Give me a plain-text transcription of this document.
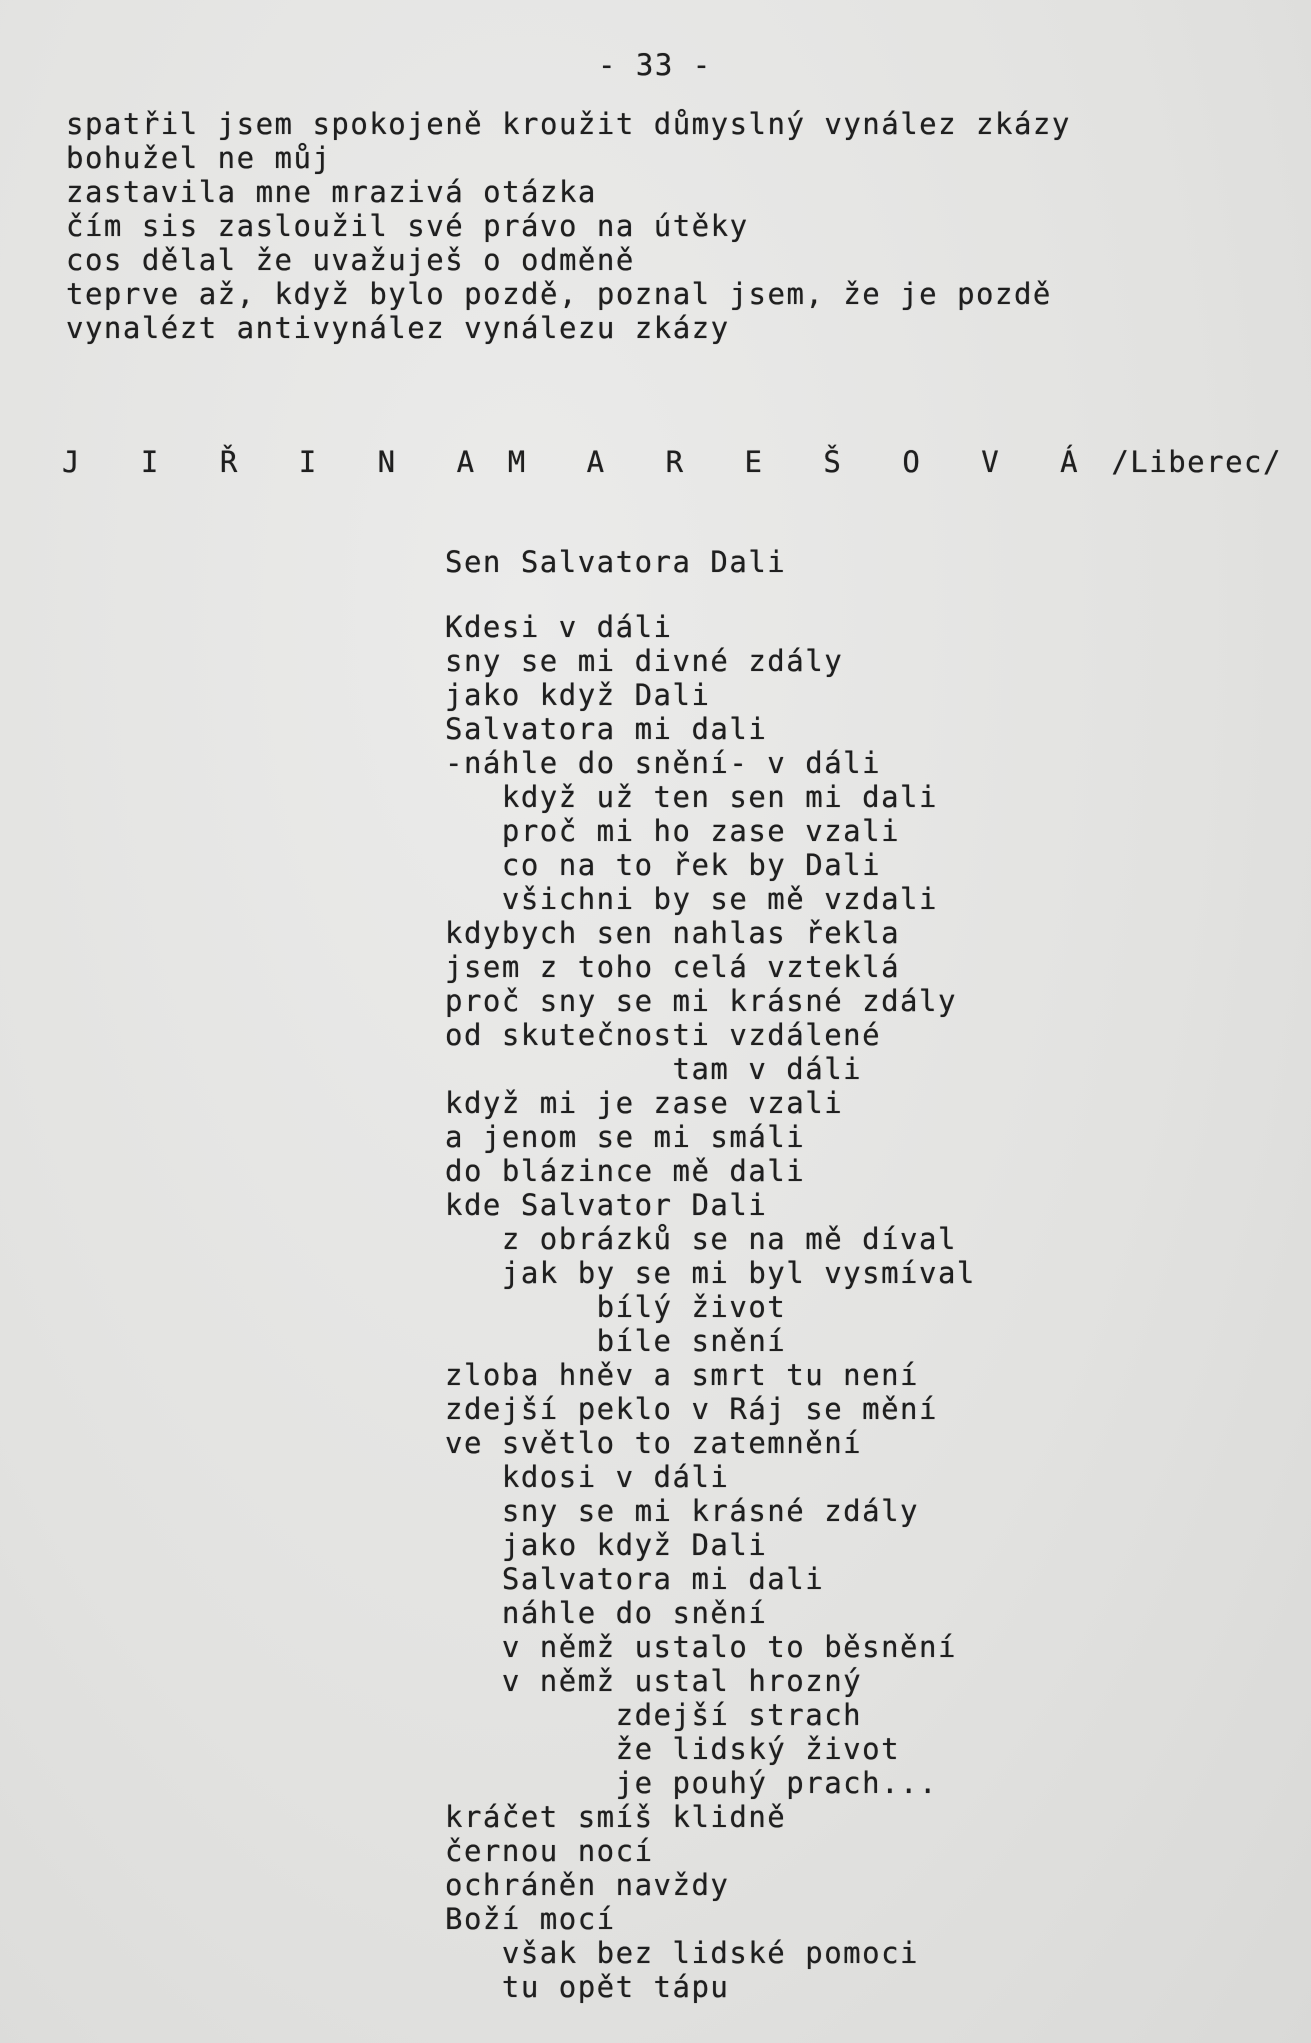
- 33 -

spatřil jsem spokojeně kroužit důmyslný vynález zkázy
bohužel ne můj
zastavila mne mrazivá otázka
čím sis zasloužil své právo na útěky
cos dělal že uvažuješ o odměně
teprve až, když bylo pozdě, poznal jsem, že je pozdě
vynalézt antivynález vynálezu zkázy
J I Ř I N A M A R E Š O V Á /Liberec/

Sen Salvatora Dali

Kdesi v dáli
sny se mi divné zdály
jako když Dali
Salvatora mi dali
-náhle do snění- v dáli
když už ten sen mi dali
proč mi ho zase vzali
co na to řek by Dali
všichni by se mě vzdali
kdybych sen nahlas řekla
jsem z toho celá vzteklá
proč sny se mi krásné zdály
od skutečnosti vzdálené
tam v dáli
když mi je zase vzali
a jenom se mi smáli
do blázince mě dali
kde Salvator Dali
z obrázků se na mě díval
jak by se mi byl vysmíval
bílý život
bíle snění
zloba hněv a smrt tu není
zdejší peklo v Ráj se mění
ve světlo to zatemnění
kdosi v dáli
sny se mi krásné zdály
jako když Dali
Salvatora mi dali
náhle do snění
v němž ustalo to běsnění
v němž ustal hrozný
zdejší strach
že lidský život
je pouhý prach...
kráčet smíš klidně
černou nocí
ochráněn navždy
Boží mocí
však bez lidské pomoci
tu opět tápu
